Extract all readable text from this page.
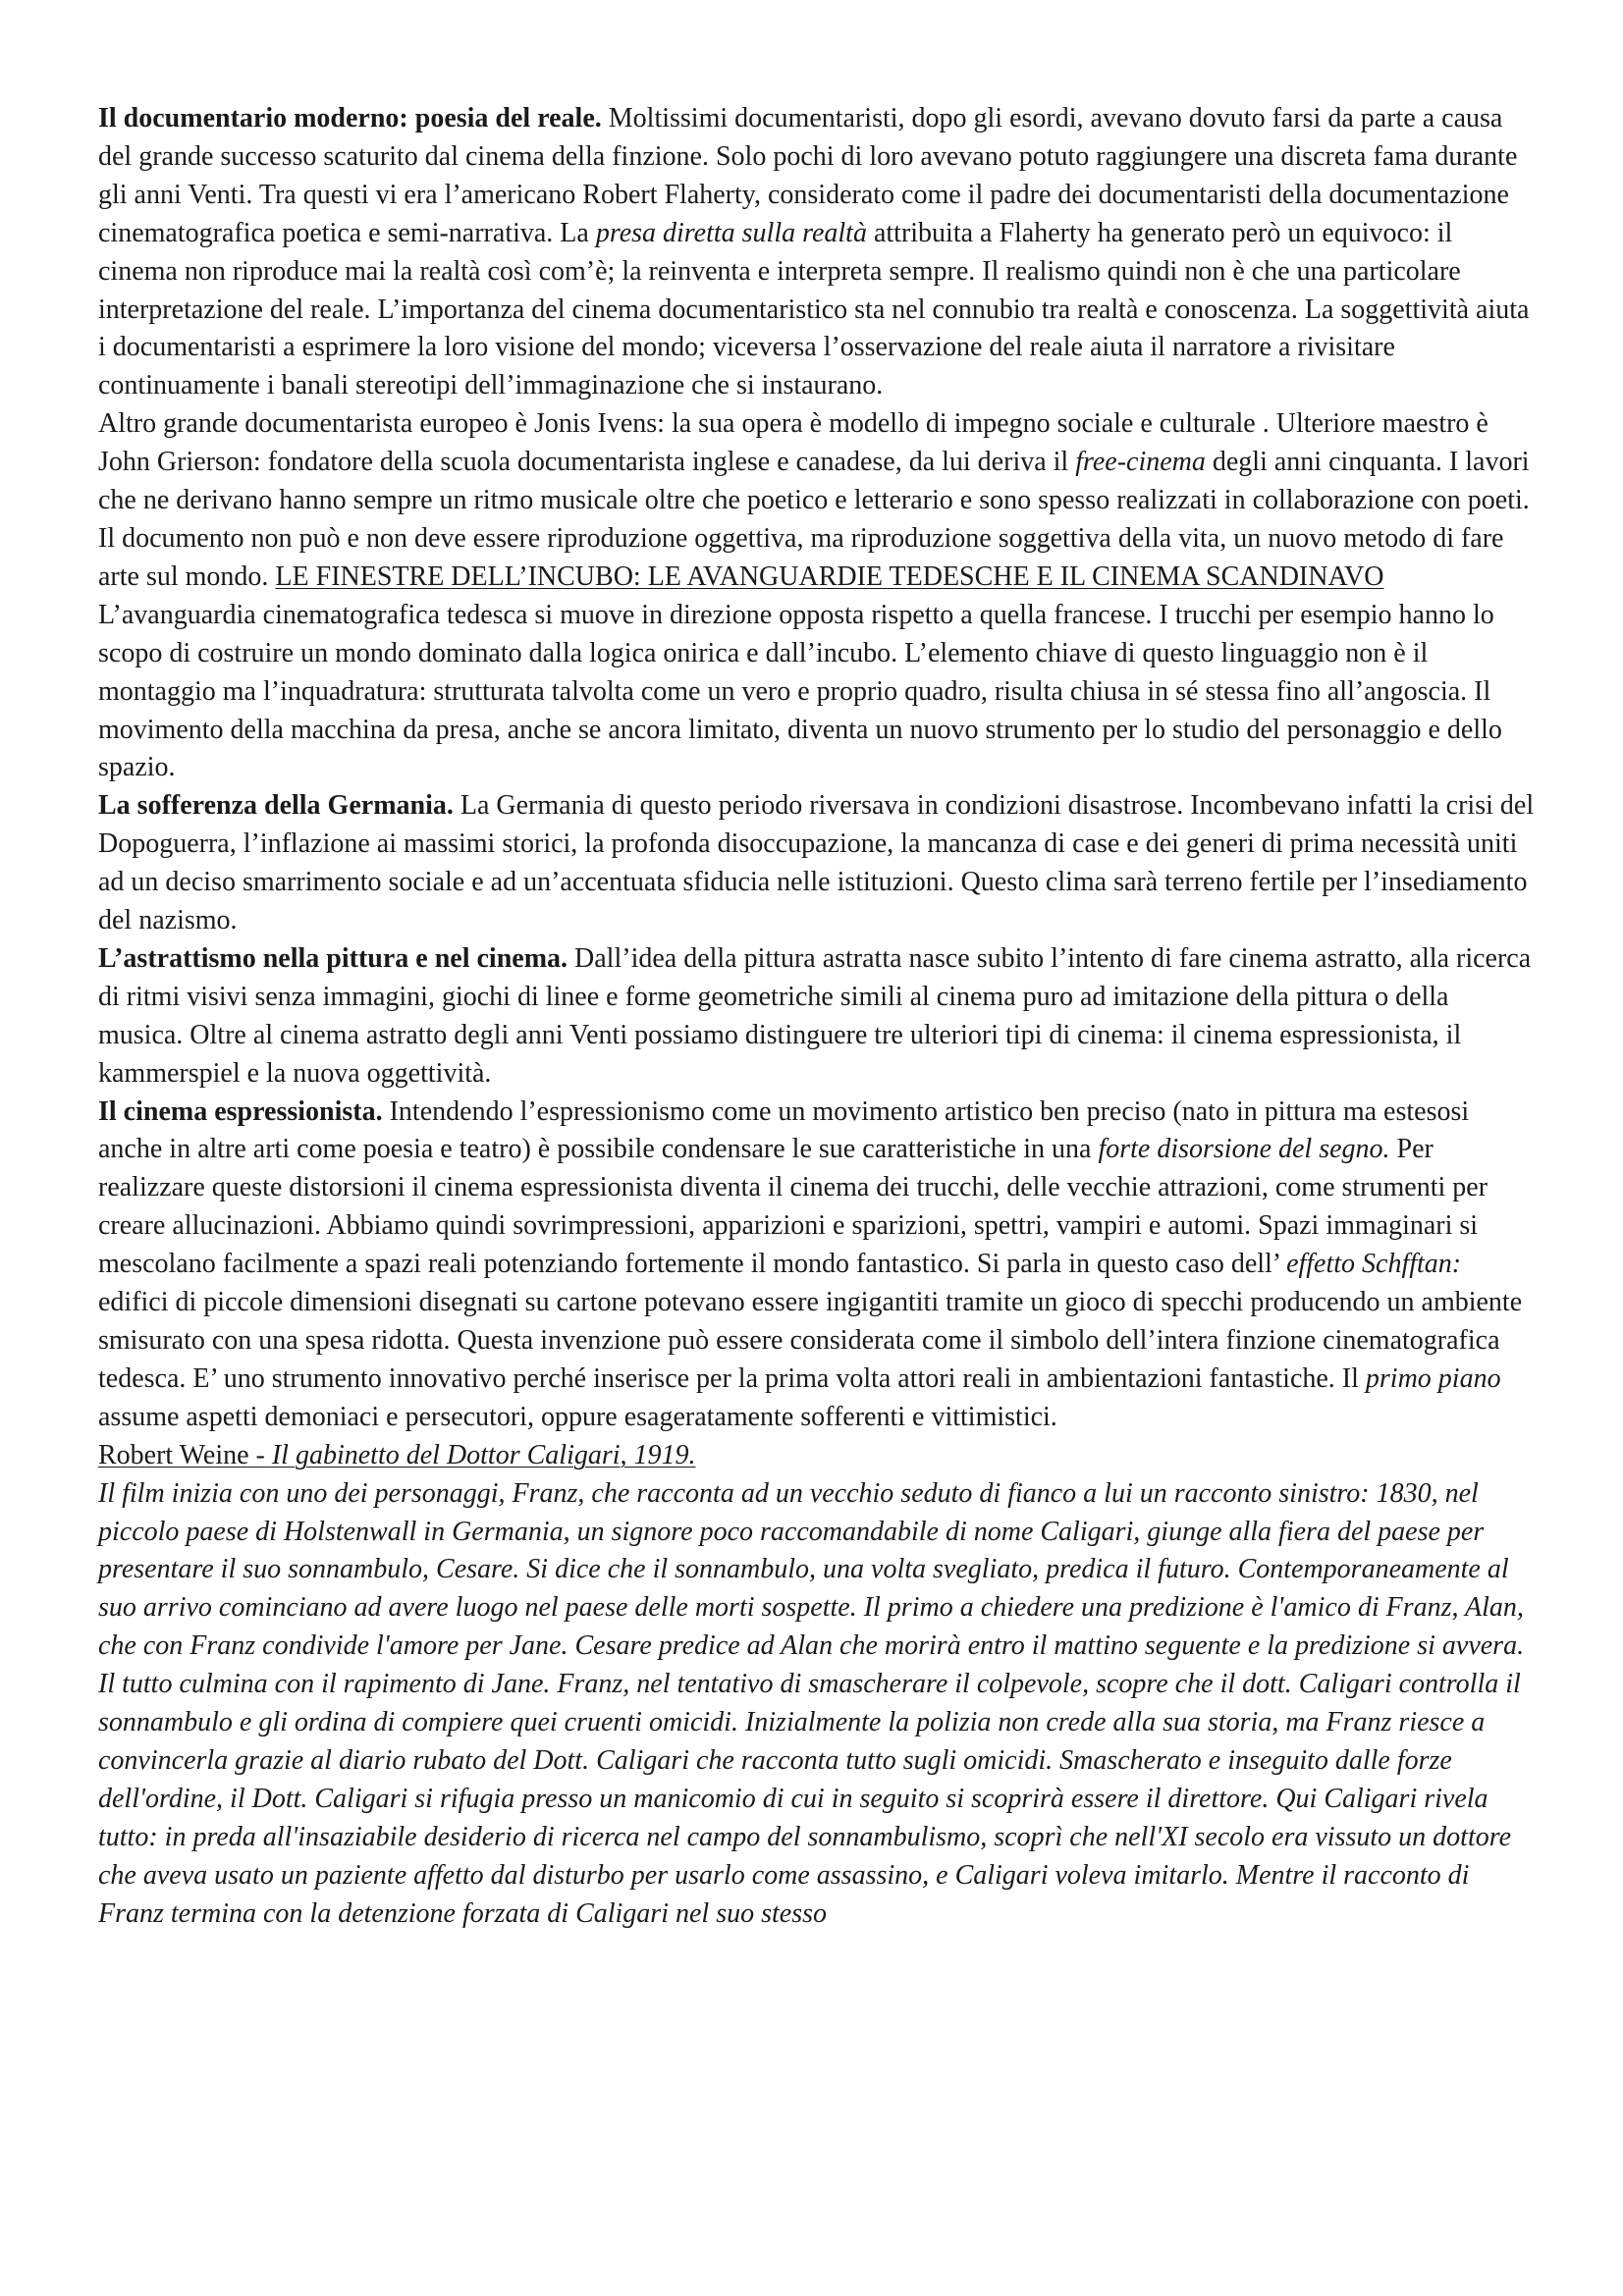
Il documentario moderno: poesia del reale. Moltissimi documentaristi, dopo gli esordi, avevano dovuto farsi da parte a causa del grande successo scaturito dal cinema della finzione. Solo pochi di loro avevano potuto raggiungere una discreta fama durante gli anni Venti. Tra questi vi era l’americano Robert Flaherty, considerato come il padre dei documentaristi della documentazione cinematografica poetica e semi-narrativa. La presa diretta sulla realtà attribuita a Flaherty ha generato però un equivoco: il cinema non riproduce mai la realtà così com’è; la reinventa e interpreta sempre. Il realismo quindi non è che una particolare interpretazione del reale. L’importanza del cinema documentaristico sta nel connubio tra realtà e conoscenza. La soggettività aiuta i documentaristi a esprimere la loro visione del mondo; viceversa l’osservazione del reale aiuta il narratore a rivisitare continuamente i banali stereotipi dell’immaginazione che si instaurano.

Altro grande documentarista europeo è Jonis Ivens: la sua opera è modello di impegno sociale e culturale . Ulteriore maestro è John Grierson: fondatore della scuola documentarista inglese e canadese, da lui deriva il free-cinema degli anni cinquanta. I lavori che ne derivano hanno sempre un ritmo musicale oltre che poetico e letterario e sono spesso realizzati in collaborazione con poeti. Il documento non può e non deve essere riproduzione oggettiva, ma riproduzione soggettiva della vita, un nuovo metodo di fare arte sul mondo. LE FINESTRE DELL’INCUBO: LE AVANGUARDIE TEDESCHE E IL CINEMA SCANDINAVO

L’avanguardia cinematografica tedesca si muove in direzione opposta rispetto a quella francese. I trucchi per esempio hanno lo scopo di costruire un mondo dominato dalla logica onirica e dall’incubo. L’elemento chiave di questo linguaggio non è il montaggio ma l’inquadratura: strutturata talvolta come un vero e proprio quadro, risulta chiusa in sé stessa fino all’angoscia. Il movimento della macchina da presa, anche se ancora limitato, diventa un nuovo strumento per lo studio del personaggio e dello spazio.

La sofferenza della Germania. La Germania di questo periodo riversava in condizioni disastrose. Incombevano infatti la crisi del Dopoguerra, l’inflazione ai massimi storici, la profonda disoccupazione, la mancanza di case e dei generi di prima necessità uniti ad un deciso smarrimento sociale e ad un’accentuata sfiducia nelle istituzioni. Questo clima sarà terreno fertile per l’insediamento del nazismo.

L’astrattismo nella pittura e nel cinema. Dall’idea della pittura astratta nasce subito l’intento di fare cinema astratto, alla ricerca di ritmi visivi senza immagini, giochi di linee e forme geometriche simili al cinema puro ad imitazione della pittura o della musica. Oltre al cinema astratto degli anni Venti possiamo distinguere tre ulteriori tipi di cinema: il cinema espressionista, il kammerspiel e la nuova oggettività.

Il cinema espressionista. Intendendo l’espressionismo come un movimento artistico ben preciso (nato in pittura ma estesosi anche in altre arti come poesia e teatro) è possibile condensare le sue caratteristiche in una forte disorsione del segno. Per realizzare queste distorsioni il cinema espressionista diventa il cinema dei trucchi, delle vecchie attrazioni, come strumenti per creare allucinazioni. Abbiamo quindi sovrimpressioni, apparizioni e sparizioni, spettri, vampiri e automi. Spazi immaginari si mescolano facilmente a spazi reali potenziando fortemente il mondo fantastico. Si parla in questo caso dell’ effetto Schfftan: edifici di piccole dimensioni disegnati su cartone potevano essere ingigantiti tramite un gioco di specchi producendo un ambiente smisurato con una spesa ridotta. Questa invenzione può essere considerata come il simbolo dell’intera finzione cinematografica tedesca. E’ uno strumento innovativo perché inserisce per la prima volta attori reali in ambientazioni fantastiche. Il primo piano assume aspetti demoniaci e persecutori, oppure esageratamente sofferenti e vittimistici.

Robert Weine - Il gabinetto del Dottor Caligari, 1919.

Il film inizia con uno dei personaggi, Franz, che racconta ad un vecchio seduto di fianco a lui un racconto sinistro: 1830, nel piccolo paese di Holstenwall in Germania, un signore poco raccomandabile di nome Caligari, giunge alla fiera del paese per presentare il suo sonnambulo, Cesare. Si dice che il sonnambulo, una volta svegliato, predica il futuro. Contemporaneamente al suo arrivo cominciano ad avere luogo nel paese delle morti sospette. Il primo a chiedere una predizione è l'amico di Franz, Alan, che con Franz condivide l'amore per Jane. Cesare predice ad Alan che morirà entro il mattino seguente e la predizione si avvera. Il tutto culmina con il rapimento di Jane. Franz, nel tentativo di smascherare il colpevole, scopre che il dott. Caligari controlla il sonnambulo e gli ordina di compiere quei cruenti omicidi. Inizialmente la polizia non crede alla sua storia, ma Franz riesce a convincerla grazie al diario rubato del Dott. Caligari che racconta tutto sugli omicidi. Smascherato e inseguito dalle forze dell'ordine, il Dott. Caligari si rifugia presso un manicomio di cui in seguito si scoprirà essere il direttore. Qui Caligari rivela tutto: in preda all'insaziabile desiderio di ricerca nel campo del sonnambulismo, scoprì che nell'XI secolo era vissuto un dottore che aveva usato un paziente affetto dal disturbo per usarlo come assassino, e Caligari voleva imitarlo. Mentre il racconto di Franz termina con la detenzione forzata di Caligari nel suo stesso
